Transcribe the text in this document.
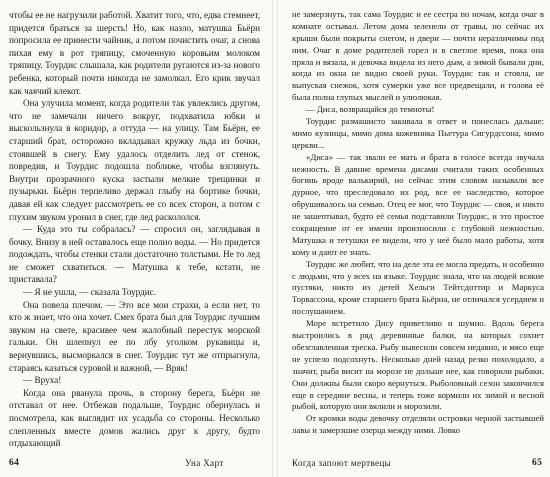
чтобы ее не нагрузили работой. Хватит того, что, едва стемнеет, придется браться за шерсть! Но, как назло, матушка Бьёрн попросила ее принести чайник, а потом почистить очаг, а снова пихая ему в рот тряпицу, смоченную коровьим молоком тряпицу. Тоурдис слышала, как родители ругаются из-за нового ребенка, который почти никогда не замолкал. Его крик звучал как чаячий клекот.

Она улучила момент, когда родители так увлеклись другом, что не замечали ничего вокруг, подхватила юбки и выскользнула в коридор, а оттуда — на улицу. Там Бьёрн, ее старший брат, осторожно вкладывал кружку льда из бочки, стоявшей в снегу. Ему удалось отделить лед от стенок, повредив, и Тоурдис подошла поближе, чтобы взглянуть. Внутри прозрачного куска застыли мелкие трещинки и пузырьки. Бьёрн терпеливо держал глыбу на бортике бочки, давая ей как следует рассмотреть ее со всех сторон, а потом с глухим звуком уронил в снег, где лед раскололся.

— Куда это ты собралась? — спросил он, заглядывая в бочку. Внизу в ней оставалось еще полно воды. — Но придется подождать, чтобы стенки стали достаточно толстыми. Не то лед не сможет схватиться. — Матушка к тебе, кстати, не приставала?

— Я не ушла, — сказала Тоурдис.

Она повела плечом. — Это все мои страхи, а если нет, то кто ж знает, что она хочет. Смех брата был для Тоурдис лучшим звуком на свете, красивее чем жалобный перестук морской гальки. Он шлепнул ее по лбу уголком рукавицы и, вернувшись, высморкался в снег. Тоурдис тут же отпрыгнула, стараясь казаться суровой и важной, — Вряк!

— Вруха!

Когда она рванула прочь, в сторону берега, Бьёрн не отставал от нее. Отбежав подальше, Тоурдис обернулась и посмотрела, как выглядит их усадьба со стороны. Несколько слепленных вместе домов жались друг к другу, будто отдыхающий

64	Уна Харт

не замерзнуть, так сама Тоурдис и ее сестра по ночам, когда очаг в комнате остывал. Летом дома зеленели от травы, но сейчас их крыши были покрыты снегом, и двери — почти неразличимы под ним. Очаг в доме родителей горел и в светлое время, пока она пряла и вязала, и девочка видела из него дым, а зимой бывали дни, когда из окна не видно своей руки. Тоурдис так и стояла, не выпуская снежок, хотя сумерки уже все предвещали, и голова её была полна глупых мыслей и улюлюкая.

— Диса, возвращайся до темноты!

Тоурдис размашисто закивала в ответ и понеслась дальше: мимо кузницы, мимо дома кожевника Пьетура Сигурдссона, мимо церкви...

«Диса» — так звали ее мать и брата в голосе всегда звучала нежность. В давние времена дисами считали таких особенных богинь вроде валькирий, но сейчас этим словом называли все дурное, что преследовало их род, все ее наследство, которое обрушивалось на семью. Отец ее мог, что Тоурдис — своя, и никто не зашептывал, будто её семья подставили Тоурдис, и это простое сокращение от ее имени произносили с глубокой нежностью. Матушка и тетушки ее видели, что у неё было мало работы, хотя кому и дают ее знать.

Тоурдис же любит, что на деле эта ее могла предать, и особенно с людьми, что у всех на языке. Тоурдис знала, что на людей всякие пустяки, никто из детей Хельги Тейтсдоттир и Маркуса Торвассона, кроме старшего брата Бьёрна, не отличался усердием и послушанием.

Море встретило Дису приветливо и шумно. Вдоль берега выстроились в ряд деревянные балки, на которых сохнет обезглавленная треска. Рыбу вывесили совсем недавно, и мясо еще не успело подсохнуть. Несколько дней назад резко похолодало, а значит, рыба висит на морозе не дольше нее, как говорили рыбаки. Они должны были скоро вернуться. Рыболовный сезон закончился еще в середине весны, и теперь тоже кормили их зимой и весной рыбой, которую они вялили и морозили.

От кромки воды девочку отделяли островки черной застывшей лавы и замерзшие озерца между ними. Ловко

Когда запоют мертвецы	65
